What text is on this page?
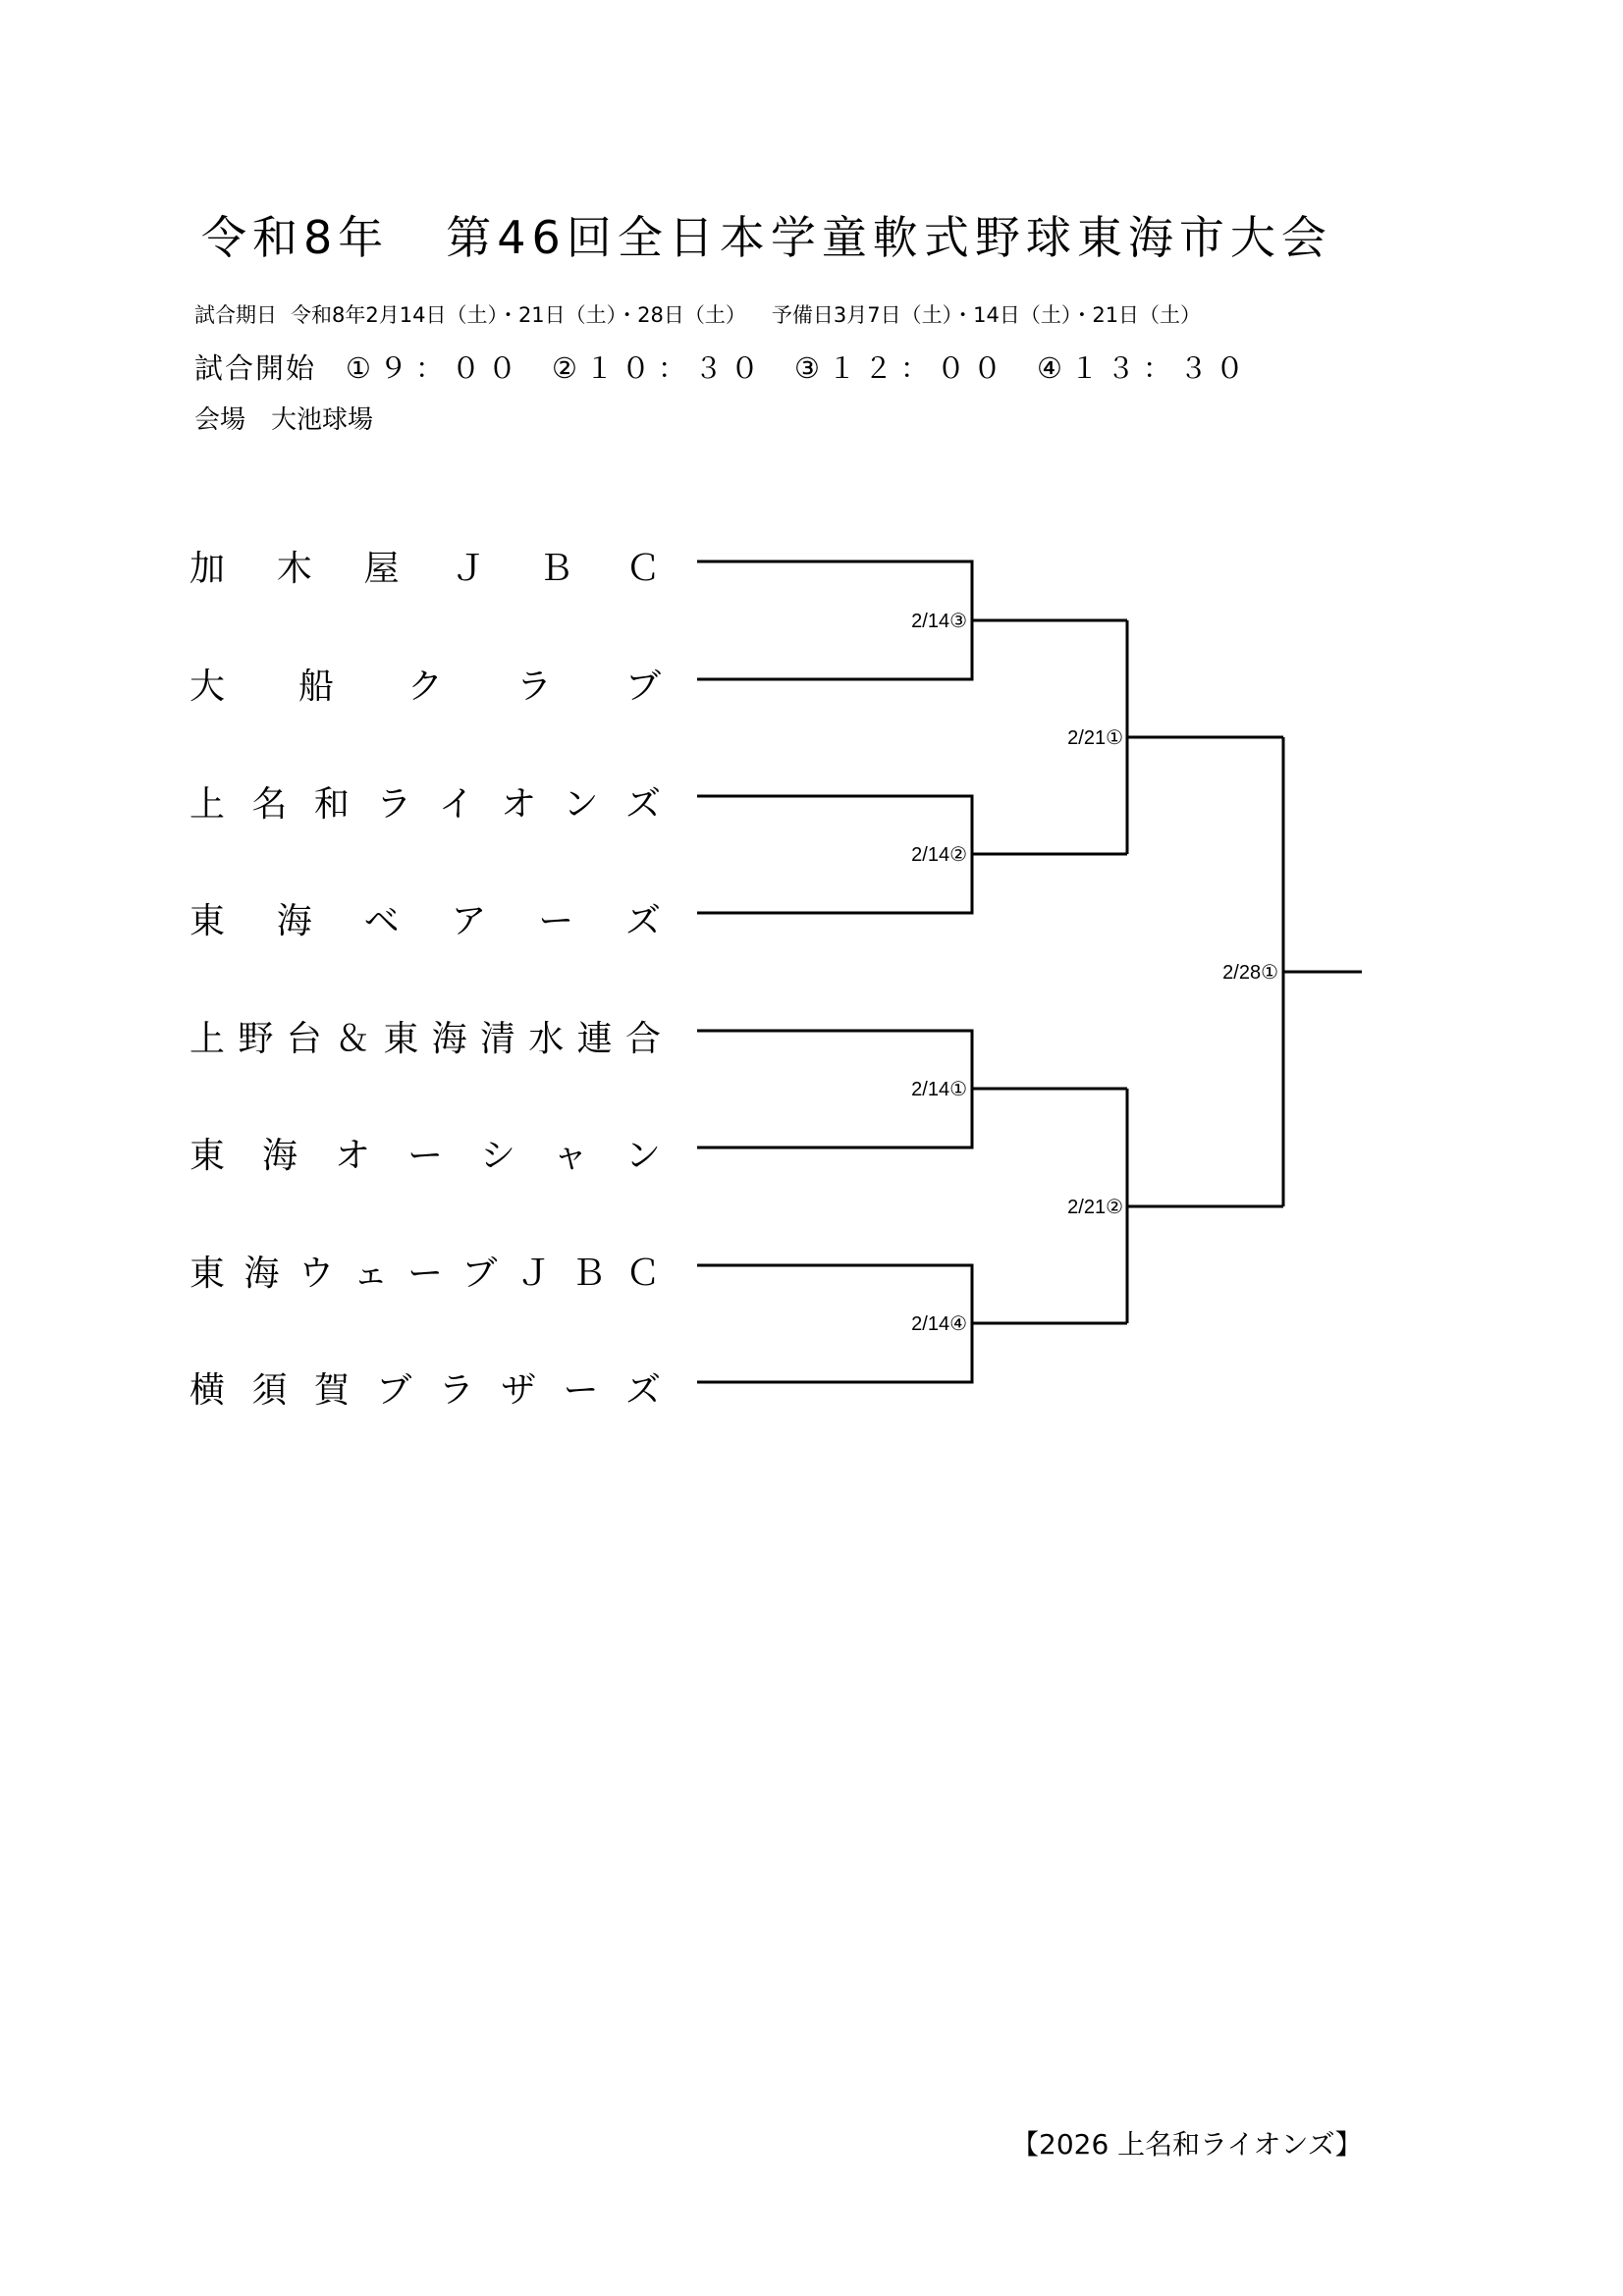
令和8年 第46回全日本学童軟式野球東海市大会
試合期日 令和8年2月14日（土）・21日（土）・28日（土） 予備日3月7日（土）・14日（土）・21日（土）
試合開始 ①９：００ ②１０：３０ ③１２：００ ④１３：３０
会場 大池球場
加 木 屋 Ｊ Ｂ Ｃ
大 船 ク ラ ブ
上 名 和 ラ イ オ ン ズ
東 海 ベ ア ー ズ
上 野 台 ＆ 東 海 清 水 連 合
東 海 オ ー シ ャ ン
東 海 ウ ェ ー ブ Ｊ Ｂ Ｃ
横 須 賀 ブ ラ ザ ー ズ
2/14③
2/14②
2/14①
2/14④
2/21①
2/21②
2/28①
【2026 上名和ライオンズ】
